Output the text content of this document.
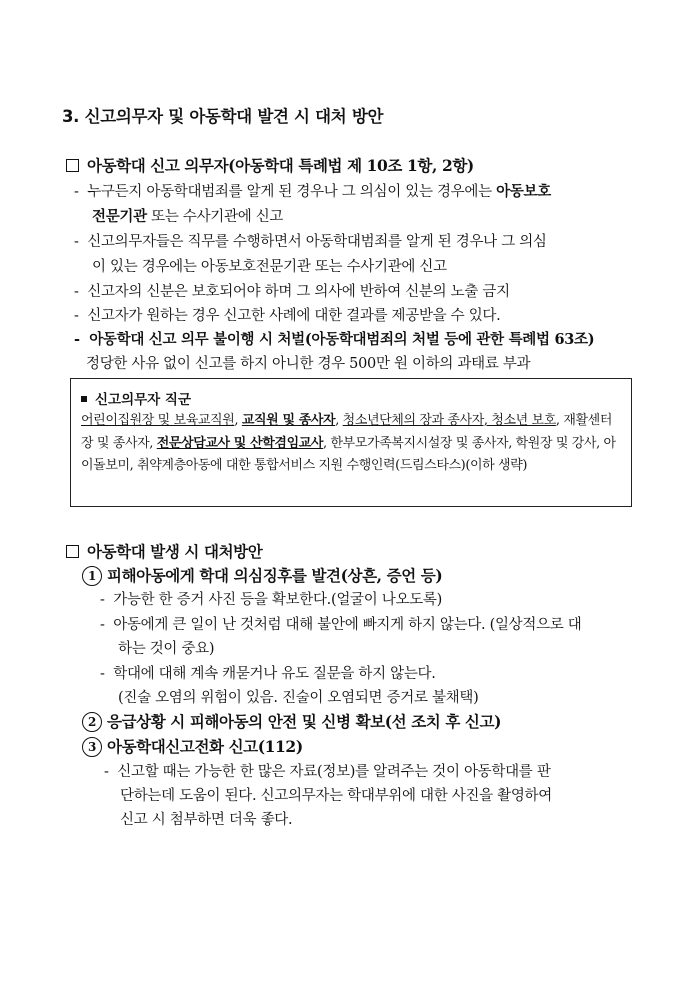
3. 신고의무자 및 아동학대 발견 시 대처 방안
아동학대 신고 의무자(아동학대 특례법 제 10조 1항, 2항)
- 누구든지 아동학대범죄를 알게 된 경우나 그 의심이 있는 경우에는 아동보호
전문기관 또는 수사기관에 신고
- 신고의무자들은 직무를 수행하면서 아동학대범죄를 알게 된 경우나 그 의심
이 있는 경우에는 아동보호전문기관 또는 수사기관에 신고
- 신고자의 신분은 보호되어야 하며 그 의사에 반하여 신분의 노출 금지
- 신고자가 원하는 경우 신고한 사례에 대한 결과를 제공받을 수 있다.
- 아동학대 신고 의무 불이행 시 처벌(아동학대범죄의 처벌 등에 관한 특례법 63조)
정당한 사유 없이 신고를 하지 아니한 경우 500만 원 이하의 과태료 부과
신고의무자 직군
어린이집원장 및 보육교직원, 교직원 및 종사자, 청소년단체의 장과 종사자, 청소년 보호, 재활센터장 및 종사자, 전문상담교사 및 산학겸임교사, 한부모가족복지시설장 및 종사자, 학원장 및 강사, 아이돌보미, 취약계층아동에 대한 통합서비스 지원 수행인력(드림스타스)(이하 생략)
아동학대 발생 시 대처방안
1 피해아동에게 학대 의심징후를 발견(상흔, 증언 등)
- 가능한 한 증거 사진 등을 확보한다.(얼굴이 나오도록)
- 아동에게 큰 일이 난 것처럼 대해 불안에 빠지게 하지 않는다. (일상적으로 대
하는 것이 중요)
- 학대에 대해 계속 캐묻거나 유도 질문을 하지 않는다.
(진술 오염의 위험이 있음. 진술이 오염되면 증거로 불채택)
2 응급상황 시 피해아동의 안전 및 신병 확보(선 조치 후 신고)
3 아동학대신고전화 신고(112)
- 신고할 때는 가능한 한 많은 자료(정보)를 알려주는 것이 아동학대를 판
단하는데 도움이 된다. 신고의무자는 학대부위에 대한 사진을 촬영하여
신고 시 첨부하면 더욱 좋다.
